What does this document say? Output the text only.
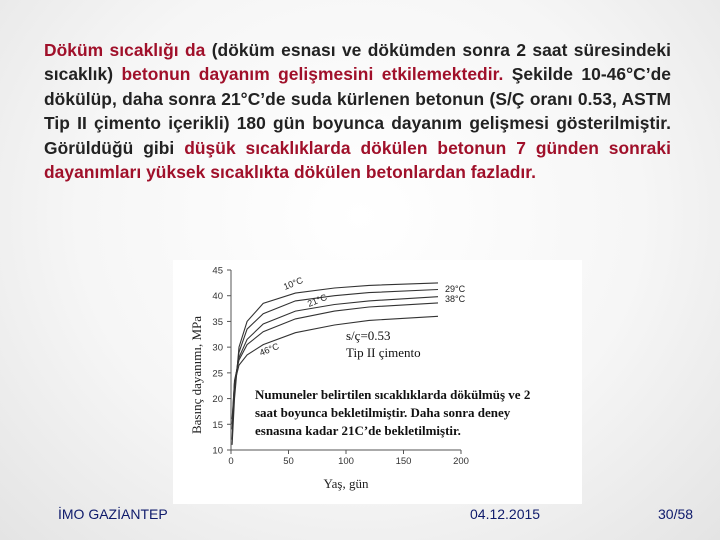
Döküm sıcaklığı da (döküm esnası ve dökümden sonra 2 saat süresindeki sıcaklık) betonun dayanım gelişmesini etkilemektedir. Şekilde 10-46°C’de dökülüp, daha sonra 21°C’de suda kürlenen betonun (S/Ç oranı 0.53, ASTM Tip II çimento içerikli) 180 gün boyunca dayanım gelişmesi gösterilmiştir. Görüldüğü gibi düşük sıcaklıklarda dökülen betonun 7 günden sonraki dayanımları yüksek sıcaklıkta dökülen betonlardan fazladır.
10
15
20
25
30
35
40
45
0	50	100	150	200
Yaş, gün
Basınç dayanımı, MPa
10°C
21°C
29°C
38°C
46°C
s/ç=0.53
Tip II çimento
Numuneler belirtilen sıcaklıklarda dökülmüş ve 2
saat boyunca bekletilmiştir. Daha sonra deney
esnasına kadar 21C’de bekletilmiştir.
İMO GAZİANTEP	04.12.2015	30/58
